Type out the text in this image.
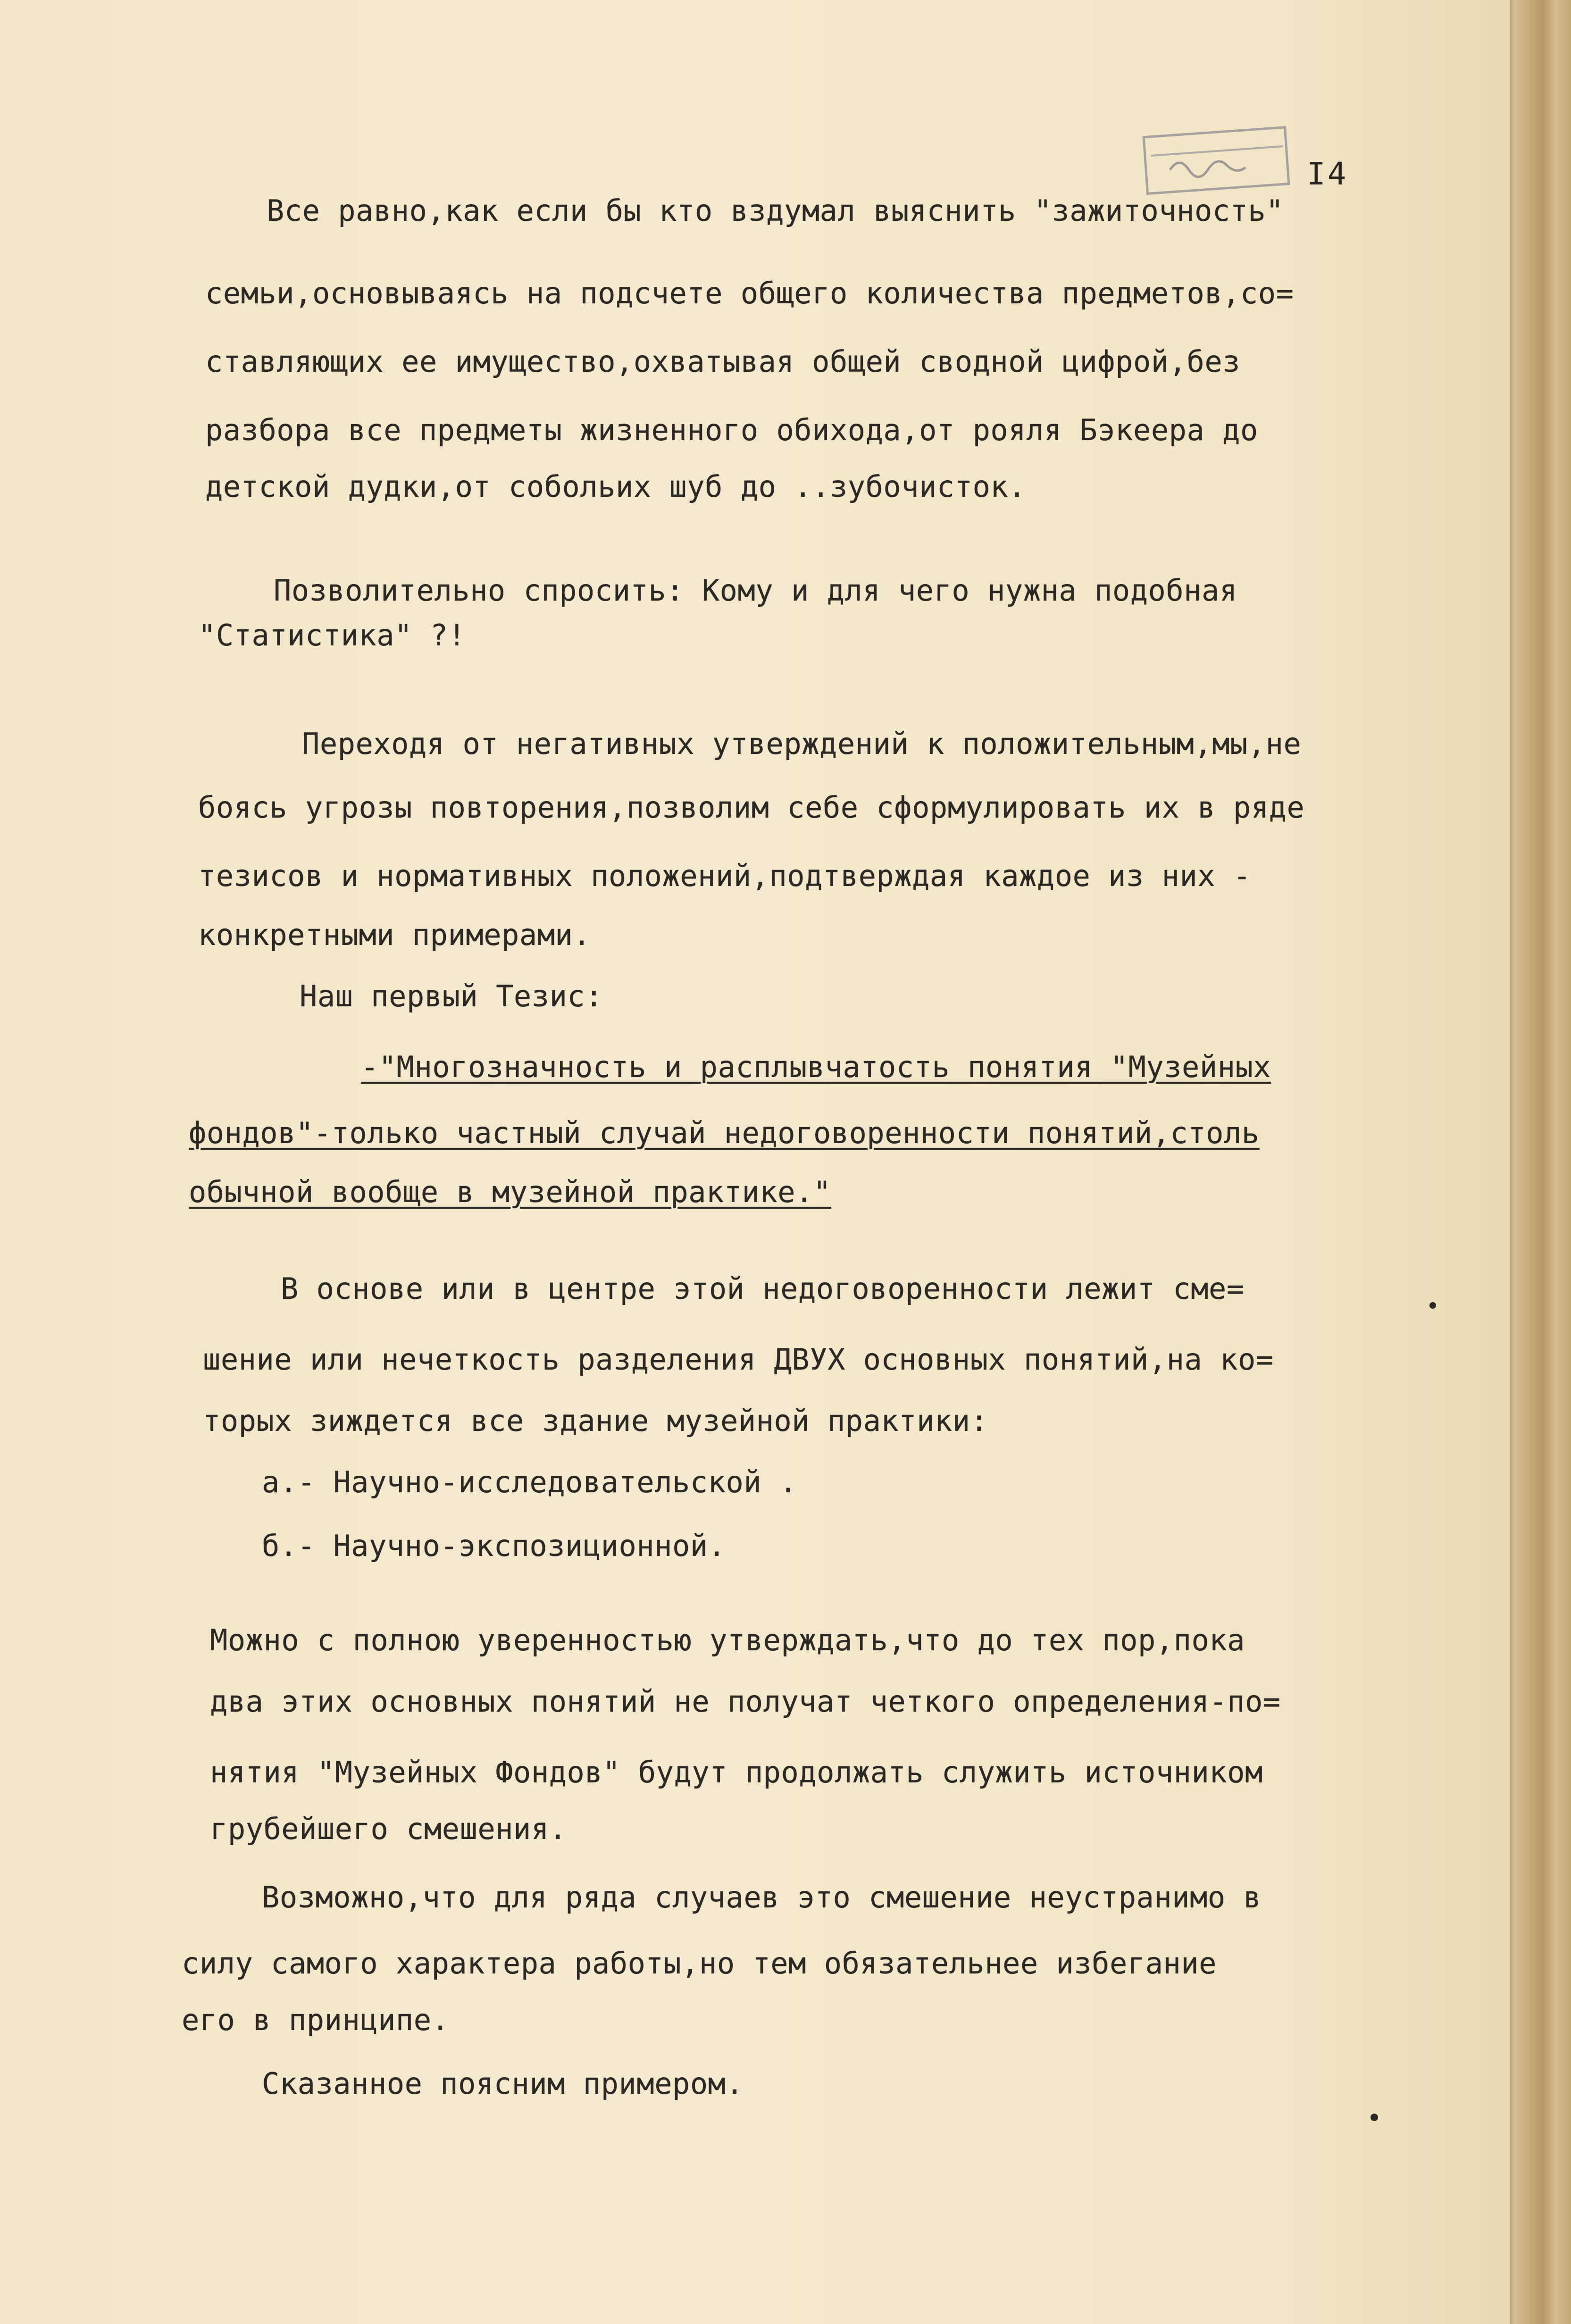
I4
Все равно,как если бы кто вздумал выяснить "зажиточность"
семьи,основываясь на подсчете общего количества предметов,со=
ставляющих ее имущество,охватывая общей сводной цифрой,без
разбора все предметы жизненного обихода,от рояля Бэкеера до
детской дудки,от собольих шуб до ..зубочисток.
Позволительно спросить: Кому и для чего нужна подобная
"Статистика" ?!
Переходя от негативных утверждений к положительным,мы,не
боясь угрозы повторения,позволим себе сформулировать их в ряде
тезисов и нормативных положений,подтверждая каждое из них -
конкретными примерами.
Наш первый Тезис:
-"Многозначность и расплывчатость понятия "Музейных
фондов"-только частный случай недоговоренности понятий,столь
обычной вообще в музейной практике."
В основе или в центре этой недоговоренности лежит сме=
шение или нечеткость разделения ДВУХ основных понятий,на ко=
торых зиждется все здание музейной практики:
а.- Научно-исследовательской .
б.- Научно-экспозиционной.
Можно с полною уверенностью утверждать,что до тех пор,пока
два этих основных понятий не получат четкого определения-по=
нятия "Музейных Фондов" будут продолжать служить источником
грубейшего смешения.
Возможно,что для ряда случаев это смешение неустранимо в
силу самого характера работы,но тем обязательнее избегание
его в принципе.
Сказанное поясним примером.
